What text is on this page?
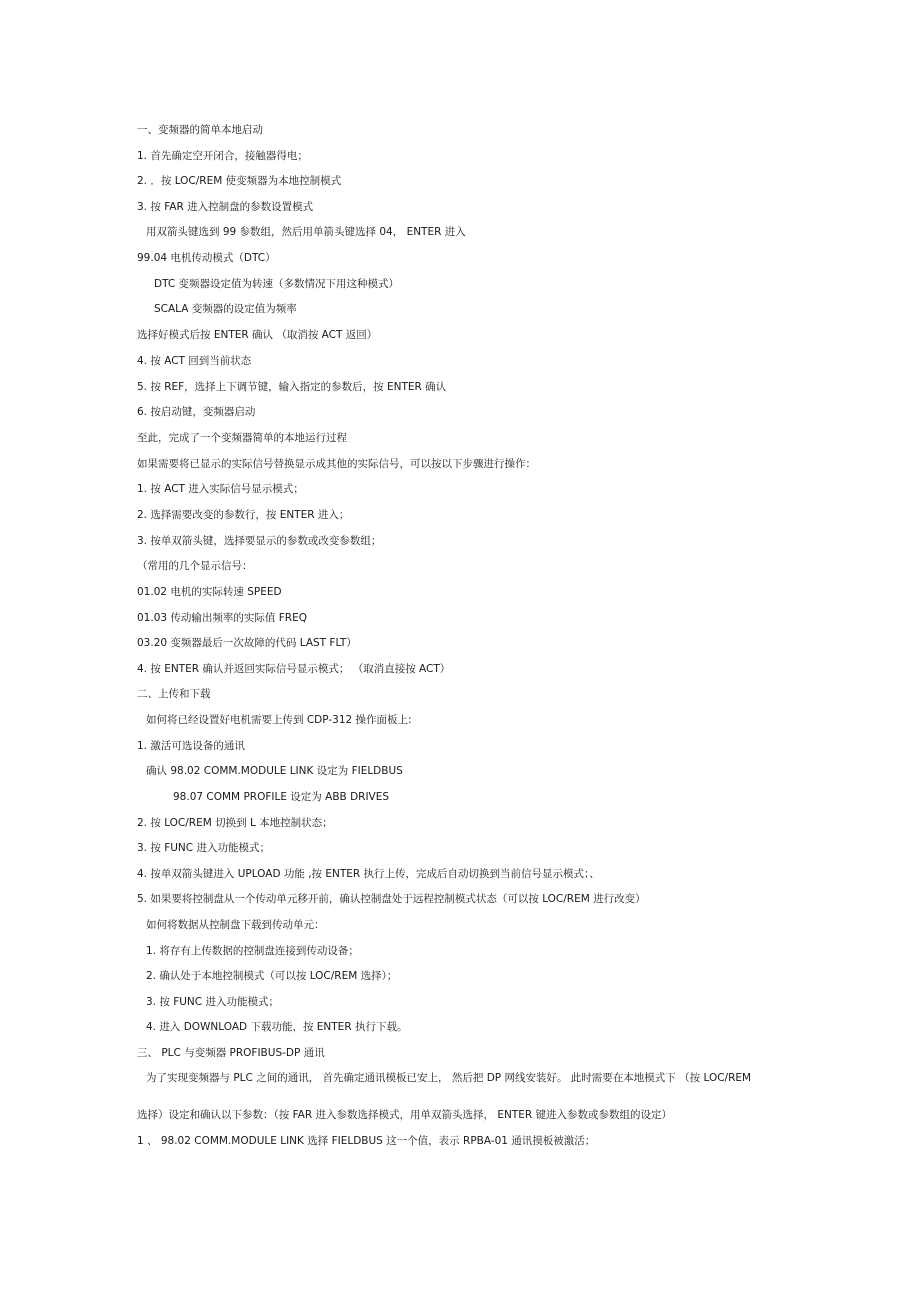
一、变频器的简单本地启动
1. 首先确定空开闭合，接触器得电；
2. ．按 LOC/REM 使变频器为本地控制模式
3. 按 FAR 进入控制盘的参数设置模式
用双箭头键选到 99 参数组，然后用单箭头键选择 04， ENTER 进入
99.04 电机传动模式（DTC）
DTC 变频器设定值为转速（多数情况下用这种模式）
SCALA 变频器的设定值为频率
选择好模式后按 ENTER 确认 （取消按 ACT 返回）
4. 按 ACT 回到当前状态
5. 按 REF，选择上下调节键，输入指定的参数后，按 ENTER 确认
6. 按启动键，变频器启动
至此，完成了一个变频器简单的本地运行过程
如果需要将已显示的实际信号替换显示成其他的实际信号，可以按以下步骤进行操作：
1. 按 ACT 进入实际信号显示模式；
2. 选择需要改变的参数行，按 ENTER 进入；
3. 按单双箭头键，选择要显示的参数或改变参数组；
（常用的几个显示信号：
01.02 电机的实际转速 SPEED
01.03 传动输出频率的实际值 FREQ
03.20 变频器最后一次故障的代码 LAST FLT）
4. 按 ENTER 确认并返回实际信号显示模式； （取消直接按 ACT）
二、上传和下载
如何将已经设置好电机需要上传到 CDP-312 操作面板上:
1. 激活可选设备的通讯
确认 98.02 COMM.MODULE LINK 设定为 FIELDBUS
98.07 COMM PROFILE 设定为 ABB DRIVES
2. 按 LOC/REM 切换到 L 本地控制状态；
3. 按 FUNC 进入功能模式；
4. 按单双箭头键进入 UPLOAD 功能 ,按 ENTER 执行上传，完成后自动切换到当前信号显示模式；、
5. 如果要将控制盘从一个传动单元移开前，确认控制盘处于远程控制模式状态（可以按 LOC/REM 进行改变）
如何将数据从控制盘下载到传动单元：
1. 将存有上传数据的控制盘连接到传动设备；
2. 确认处于本地控制模式（可以按 LOC/REM 选择）；
3. 按 FUNC 进入功能模式；
4. 进入 DOWNLOAD 下载功能，按 ENTER 执行下载。
三、 PLC 与变频器 PROFIBUS-DP 通讯
为了实现变频器与 PLC 之间的通讯， 首先确定通讯模板已安上， 然后把 DP 网线安装好。 此时需要在本地模式下 （按 LOC/REM
选择）设定和确认以下参数：（按 FAR 进入参数选择模式，用单双箭头选择， ENTER 键进入参数或参数组的设定）
1 、 98.02 COMM.MODULE LINK 选择 FIELDBUS 这一个值，表示 RPBA-01 通讯摸板被激活；
